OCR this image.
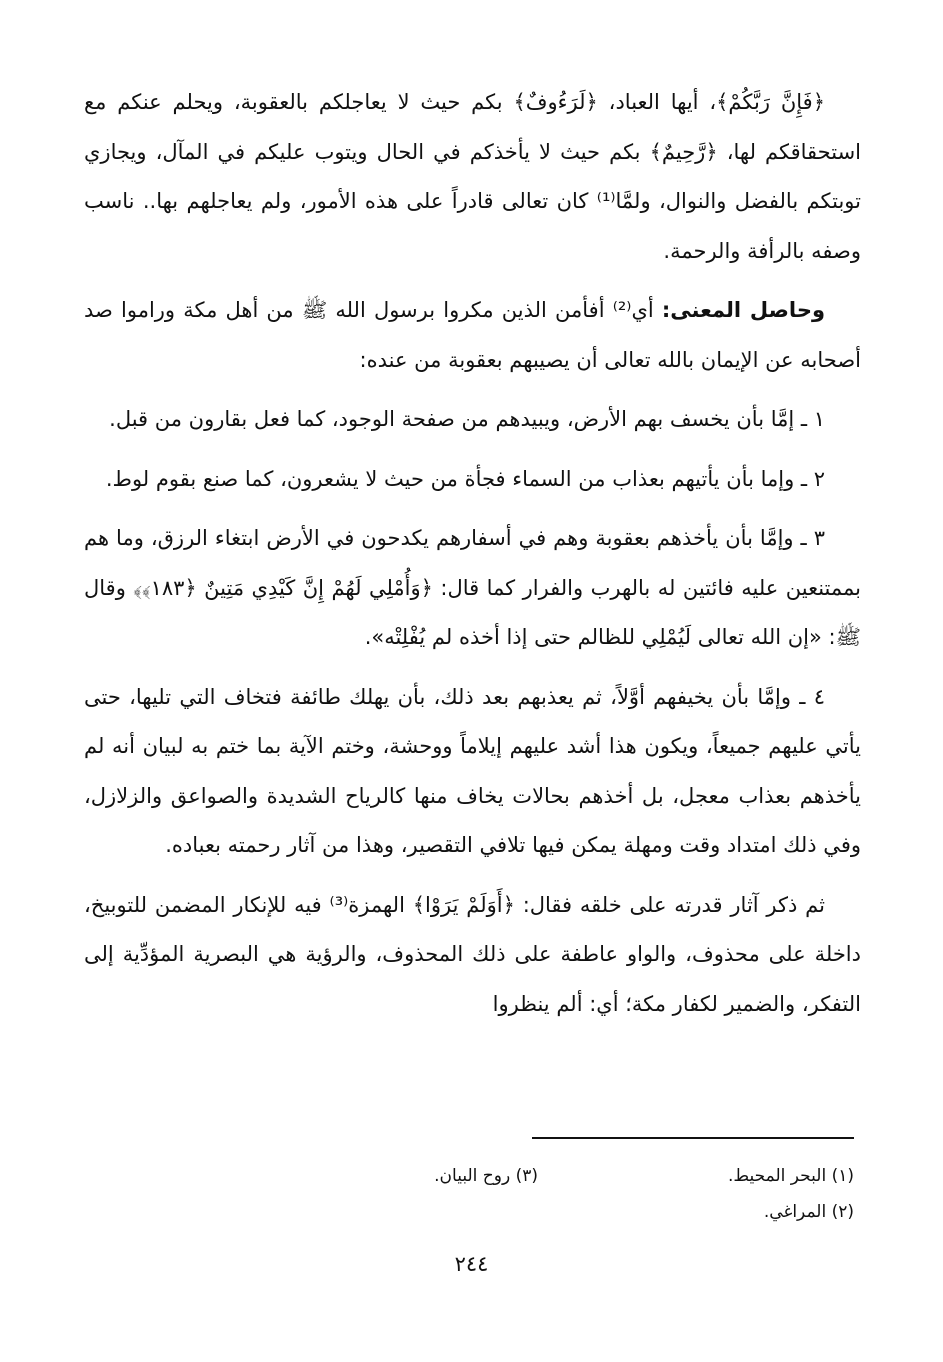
﴿فَإِنَّ رَبَّكُمْ﴾، أيها العباد، ﴿لَرَءُوفٌ﴾ بكم حيث لا يعاجلكم بالعقوبة، ويحلم عنكم مع استحقاقكم لها، ﴿رَّحِيمٌ﴾ بكم حيث لا يأخذكم في الحال ويتوب عليكم في المآل، ويجازي توبتكم بالفضل والنوال، ولمَّا⁽¹⁾ كان تعالى قادراً على هذه الأمور، ولم يعاجلهم بها.. ناسب وصفه بالرأفة والرحمة.

وحاصل المعنى: أي⁽²⁾ أفأمن الذين مكروا برسول الله ﷺ من أهل مكة وراموا صد أصحابه عن الإيمان بالله تعالى أن يصيبهم بعقوبة من عنده:

١ ـ إمَّا بأن يخسف بهم الأرض، ويبيدهم من صفحة الوجود، كما فعل بقارون من قبل.

٢ ـ وإما بأن يأتيهم بعذاب من السماء فجأة من حيث لا يشعرون، كما صنع بقوم لوط.

٣ ـ وإمَّا بأن يأخذهم بعقوبة وهم في أسفارهم يكدحون في الأرض ابتغاء الرزق، وما هم بممتنعين عليه فائتين له بالهرب والفرار كما قال: ﴿وَأُمْلِي لَهُمْ إِنَّ كَيْدِي مَتِينٌ ﴿١٨٣﴾﴾ وقال ﷺ: «إن الله تعالى لَيُمْلِي للظالم حتى إذا أخذه لم يُفْلِتْه».

٤ ـ وإمَّا بأن يخيفهم أوَّلاً، ثم يعذبهم بعد ذلك، بأن يهلك طائفة فتخاف التي تليها، حتى يأتي عليهم جميعاً، ويكون هذا أشد عليهم إيلاماً ووحشة، وختم الآية بما ختم به لبيان أنه لم يأخذهم بعذاب معجل، بل أخذهم بحالات يخاف منها كالرياح الشديدة والصواعق والزلازل، وفي ذلك امتداد وقت ومهلة يمكن فيها تلافي التقصير، وهذا من آثار رحمته بعباده.

ثم ذكر آثار قدرته على خلقه فقال: ﴿أَوَلَمْ يَرَوْا﴾ الهمزة⁽³⁾ فيه للإنكار المضمن للتوبيخ، داخلة على محذوف، والواو عاطفة على ذلك المحذوف، والرؤية هي البصرية المؤدِّية إلى التفكر، والضمير لكفار مكة؛ أي: ألم ينظروا

(١) البحر المحيط.
(٣) روح البيان.
(٢) المراغي.
٢٤٤
